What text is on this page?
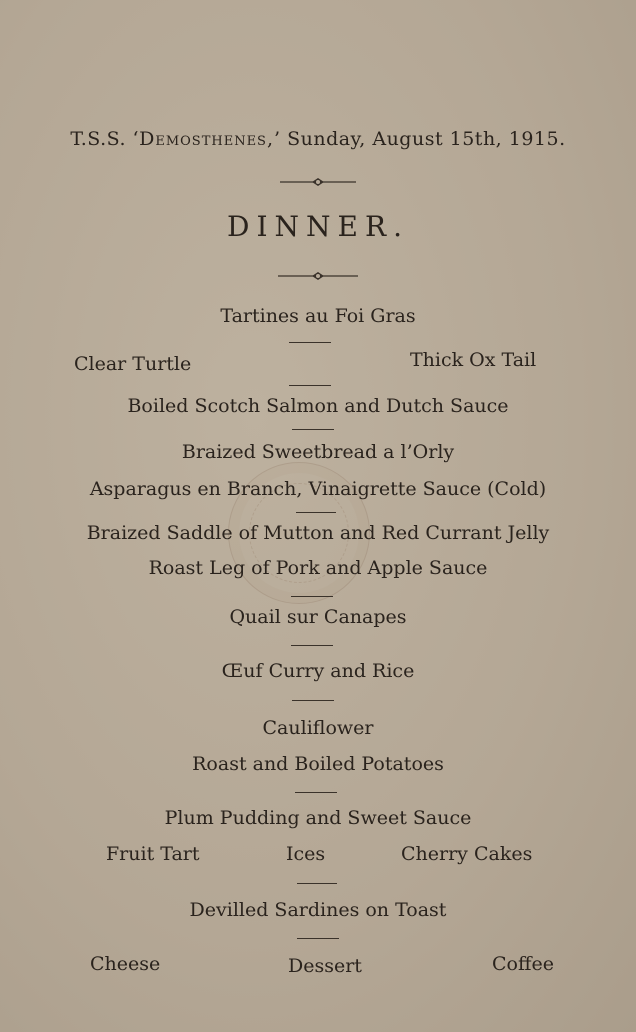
T.S.S. ‘Demosthenes,’ Sunday, August 15th, 1915.
DINNER.
Tartines au Foi Gras
Clear Turtle	Thick Ox Tail
Boiled Scotch Salmon and Dutch Sauce
Braized Sweetbread a l’Orly
Asparagus en Branch, Vinaigrette Sauce (Cold)
Braized Saddle of Mutton and Red Currant Jelly
Roast Leg of Pork and Apple Sauce
Quail sur Canapes
Œuf Curry and Rice
Cauliflower
Roast and Boiled Potatoes
Plum Pudding and Sweet Sauce
Fruit Tart	Ices	Cherry Cakes
Devilled Sardines on Toast
Cheese	Dessert	Coffee
